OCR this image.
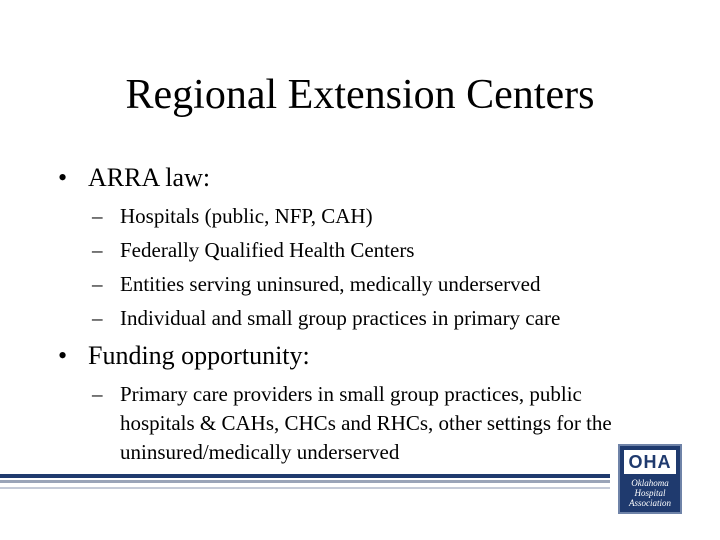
Regional Extension Centers
• ARRA law:
– Hospitals (public, NFP, CAH)
– Federally Qualified Health Centers
– Entities serving uninsured, medically underserved
– Individual and small group practices in primary care
• Funding opportunity:
– Primary care providers in small group practices, public hospitals & CAHs, CHCs and RHCs, other settings for the uninsured/medically underserved	OHA
Oklahoma
Hospital
Association
